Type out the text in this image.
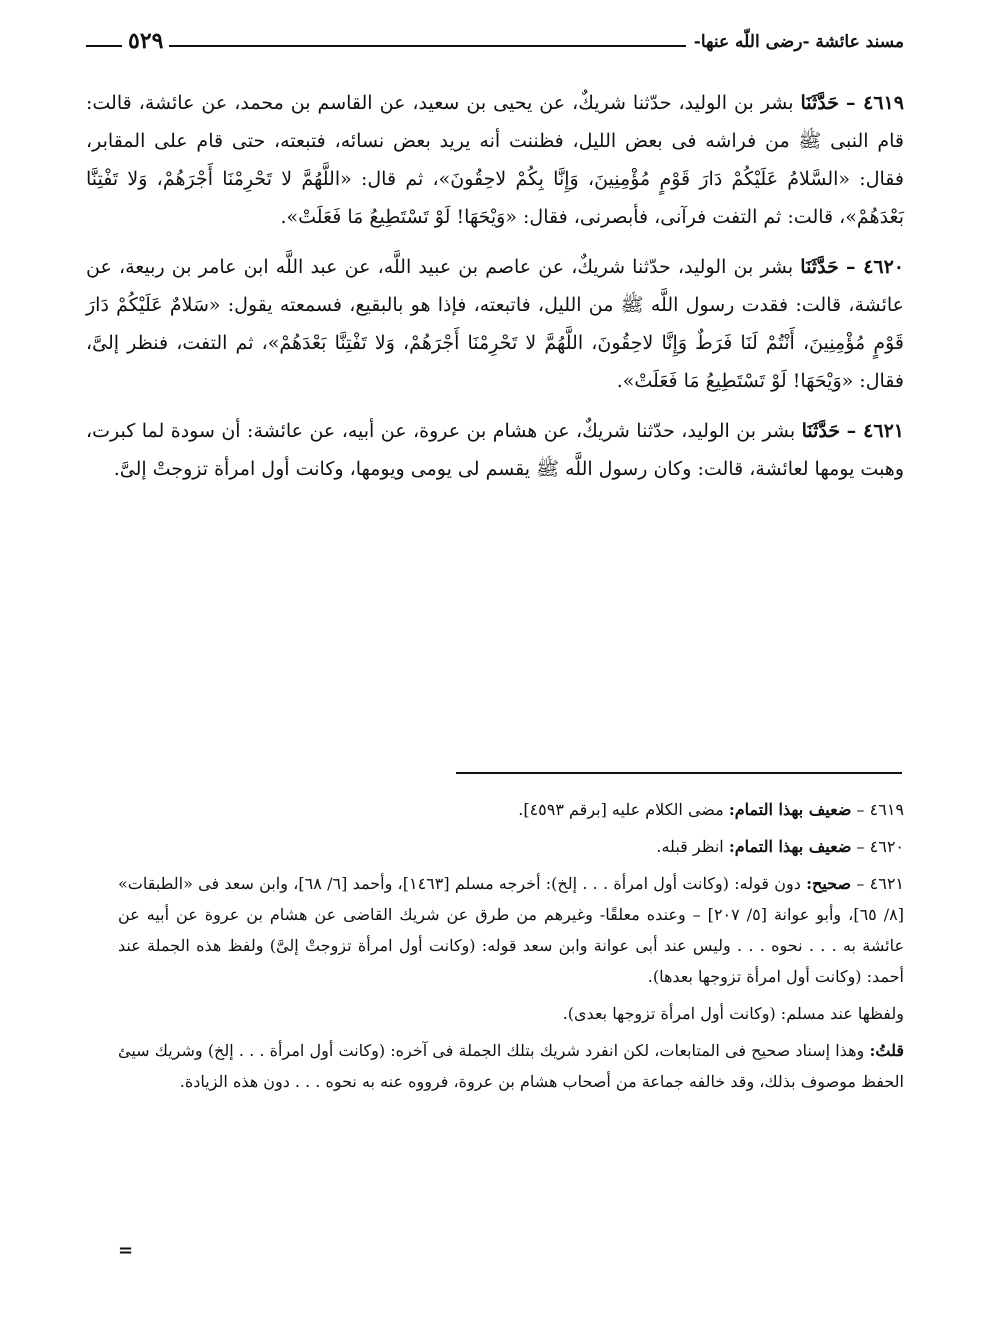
مسند عائشة -رضى اللّه عنها-
٥٢٩

٤٦١٩ – حَدَّثَنَا بشر بن الوليد، حدّثنا شريكٌ، عن يحيى بن سعيد، عن القاسم بن محمد، عن عائشة، قالت: قام النبى ﷺ من فراشه فى بعض الليل، فظننت أنه يريد بعض نسائه، فتبعته، حتى قام على المقابر، فقال: «السَّلامُ عَلَيْكُمْ دَارَ قَوْمٍ مُؤْمِنِينَ، وَإِنَّا بِكُمْ لاحِقُونَ»، ثم قال: «اللَّهُمَّ لا تَحْرِمْنَا أَجْرَهُمْ، وَلا تَفْتِنَّا بَعْدَهُمْ»، قالت: ثم التفت فرآنى، فأبصرنى، فقال: «وَيْحَهَا! لَوْ تَسْتَطِيعُ مَا فَعَلَتْ».

٤٦٢٠ – حَدَّثَنَا بشر بن الوليد، حدّثنا شريكٌ، عن عاصم بن عبيد اللَّه، عن عبد اللَّه ابن عامر بن ربيعة، عن عائشة، قالت: فقدت رسول اللَّه ﷺ من الليل، فاتبعته، فإذا هو بالبقيع، فسمعته يقول: «سَلامٌ عَلَيْكُمْ دَارَ قَوْمٍ مُؤْمِنِينَ، أَنْتُمْ لَنَا فَرَطٌ وَإِنَّا لاحِقُونَ، اللَّهُمَّ لا تَحْرِمْنَا أَجْرَهُمْ، وَلا تَفْتِنَّا بَعْدَهُمْ»، ثم التفت، فنظر إلىَّ، فقال: «وَيْحَهَا! لَوْ تَسْتَطِيعُ مَا فَعَلَتْ».

٤٦٢١ – حَدَّثَنَا بشر بن الوليد، حدّثنا شريكٌ، عن هشام بن عروة، عن أبيه، عن عائشة: أن سودة لما كبرت، وهبت يومها لعائشة، قالت: وكان رسول اللَّه ﷺ يقسم لى يومى ويومها، وكانت أول امرأة تزوجتْ إلىَّ.

٤٦١٩ – ضعيف بهذا التمام: مضى الكلام عليه [برقم ٤٥٩٣].

٤٦٢٠ – ضعيف بهذا التمام: انظر قبله.

٤٦٢١ – صحيح: دون قوله: (وكانت أول امرأة . . . إلخ): أخرجه مسلم [١٤٦٣]، وأحمد [٦/ ٦٨]، وابن سعد فى «الطبقات» [٨/ ٦٥]، وأبو عوانة [٥/ ٢٠٧] – وعنده معلقًا- وغيرهم من طرق عن شريك القاضى عن هشام بن عروة عن أبيه عن عائشة به . . . نحوه . . . وليس عند أبى عوانة وابن سعد قوله: (وكانت أول امرأة تزوجتْ إلىَّ) ولفظ هذه الجملة عند أحمد: (وكانت أول امرأة تزوجها بعدها).

ولفظها عند مسلم: (وكانت أول امرأة تزوجها بعدى).

قلتُ: وهذا إسناد صحيح فى المتابعات، لكن انفرد شريك بتلك الجملة فى آخره: (وكانت أول امرأة . . . إلخ) وشريك سيئ الحفظ موصوف بذلك، وقد خالفه جماعة من أصحاب هشام بن عروة، فرووه عنه به نحوه . . . دون هذه الزيادة.

=
